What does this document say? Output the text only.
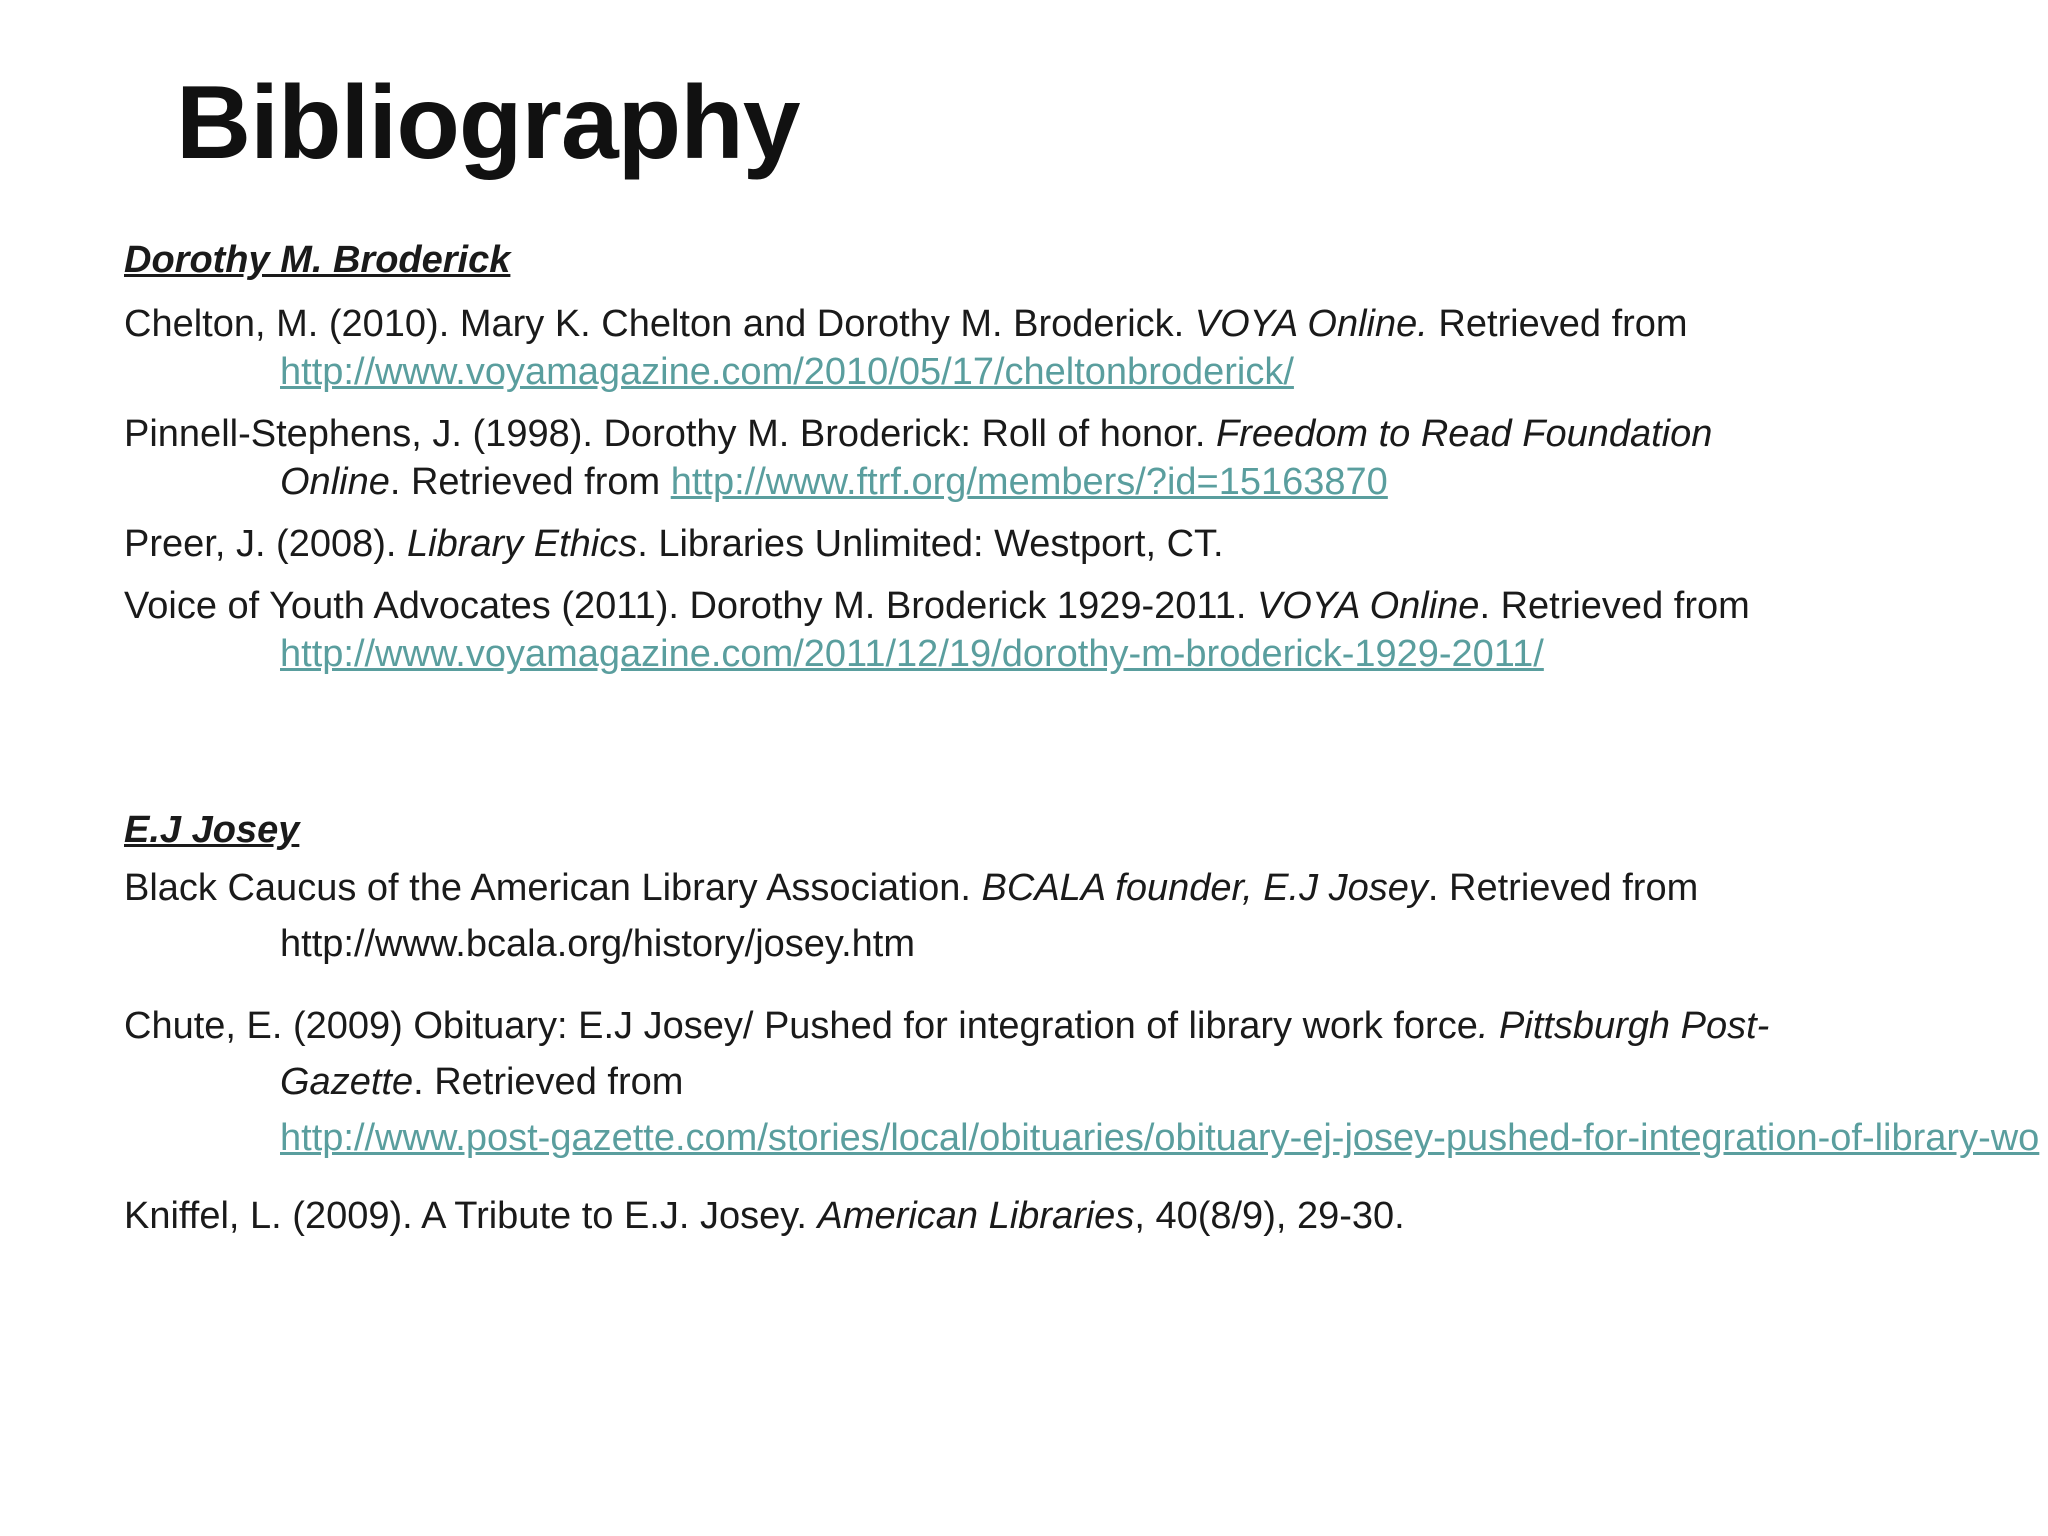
Bibliography
Dorothy M. Broderick
Chelton, M. (2010). Mary K. Chelton and Dorothy M. Broderick. VOYA Online. Retrieved from
http://www.voyamagazine.com/2010/05/17/cheltonbroderick/
Pinnell-Stephens, J. (1998). Dorothy M. Broderick: Roll of honor. Freedom to Read Foundation
Online. Retrieved from http://www.ftrf.org/members/?id=15163870
Preer, J. (2008). Library Ethics. Libraries Unlimited: Westport, CT.
Voice of Youth Advocates (2011). Dorothy M. Broderick 1929-2011. VOYA Online. Retrieved from
http://www.voyamagazine.com/2011/12/19/dorothy-m-broderick-1929-2011/
E.J Josey
Black Caucus of the American Library Association. BCALA founder, E.J Josey. Retrieved from
http://www.bcala.org/history/josey.htm
Chute, E. (2009) Obituary: E.J Josey/ Pushed for integration of library work force. Pittsburgh Post-
Gazette. Retrieved from
http://www.post-gazette.com/stories/local/obituaries/obituary-ej-josey-pushed-for-integration-of-library-wo
Kniffel, L. (2009). A Tribute to E.J. Josey. American Libraries, 40(8/9), 29-30.
